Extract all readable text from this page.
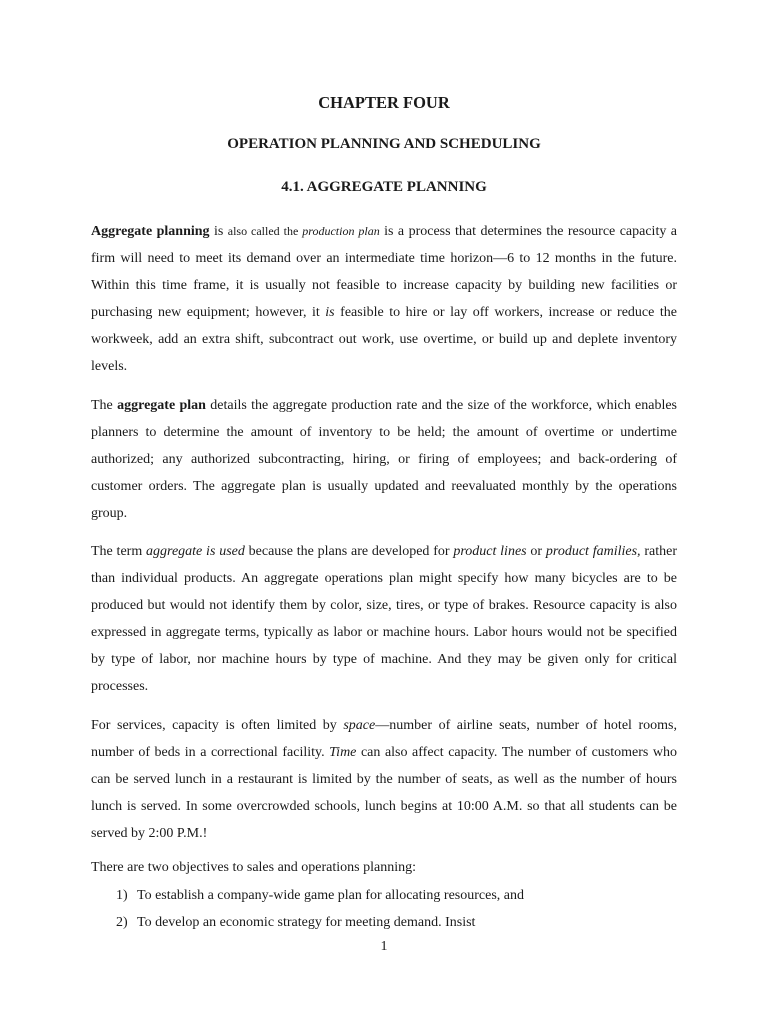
CHAPTER FOUR
OPERATION PLANNING AND SCHEDULING
4.1. AGGREGATE PLANNING

Aggregate planning is also called the production plan is a process that determines the resource capacity a firm will need to meet its demand over an intermediate time horizon—6 to 12 months in the future. Within this time frame, it is usually not feasible to increase capacity by building new facilities or purchasing new equipment; however, it is feasible to hire or lay off workers, increase or reduce the workweek, add an extra shift, subcontract out work, use overtime, or build up and deplete inventory levels.

The aggregate plan details the aggregate production rate and the size of the workforce, which enables planners to determine the amount of inventory to be held; the amount of overtime or undertime authorized; any authorized subcontracting, hiring, or firing of employees; and back-ordering of customer orders. The aggregate plan is usually updated and reevaluated monthly by the operations group.

The term aggregate is used because the plans are developed for product lines or product families, rather than individual products. An aggregate operations plan might specify how many bicycles are to be produced but would not identify them by color, size, tires, or type of brakes. Resource capacity is also expressed in aggregate terms, typically as labor or machine hours. Labor hours would not be specified by type of labor, nor machine hours by type of machine. And they may be given only for critical processes.

For services, capacity is often limited by space—number of airline seats, number of hotel rooms, number of beds in a correctional facility. Time can also affect capacity. The number of customers who can be served lunch in a restaurant is limited by the number of seats, as well as the number of hours lunch is served. In some overcrowded schools, lunch begins at 10:00 A.M. so that all students can be served by 2:00 P.M.!

There are two objectives to sales and operations planning:

1) To establish a company-wide game plan for allocating resources, and
2) To develop an economic strategy for meeting demand. Insist
1
